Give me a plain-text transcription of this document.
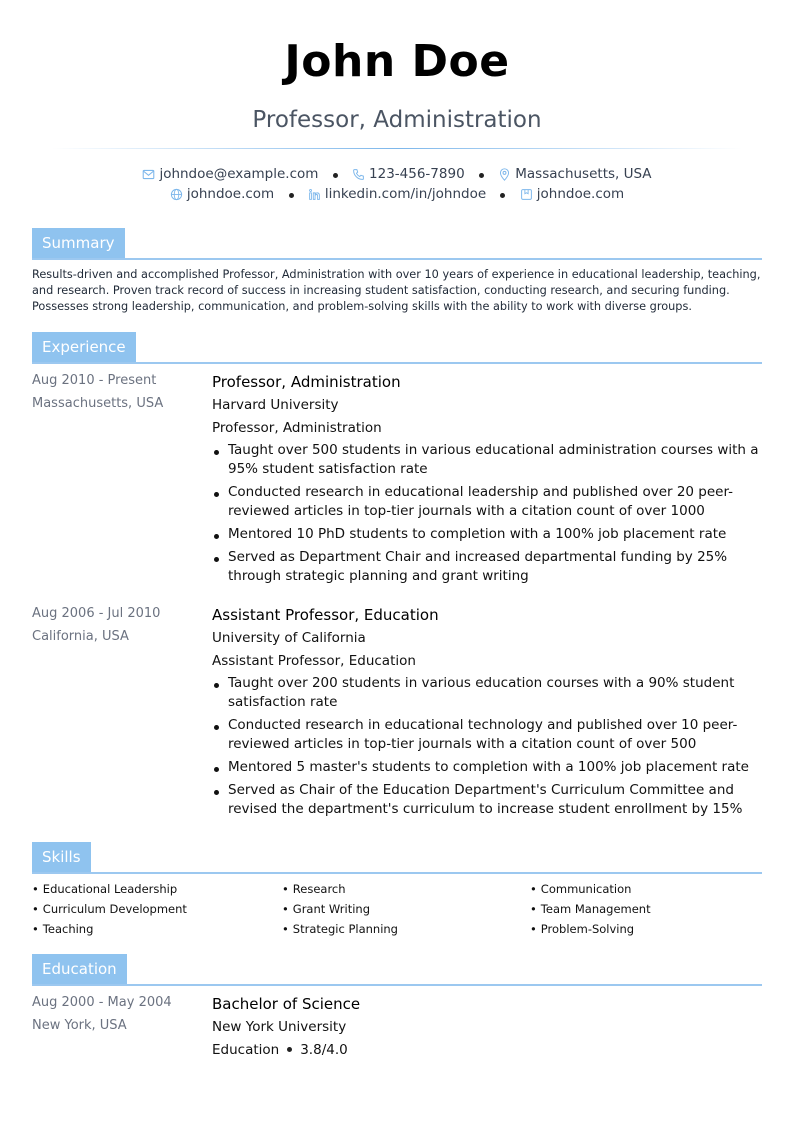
John Doe
Professor, Administration
johndoe@example.com
	123-456-7890
	Massachusetts, USA
johndoe.com
	linkedin.com/in/johndoe
	johndoe.com
Summary
Results-driven and accomplished Professor, Administration with over 10 years of experience in educational leadership, teaching, and research. Proven track record of success in increasing student satisfaction, conducting research, and securing funding. Possesses strong leadership, communication, and problem-solving skills with the ability to work with diverse groups.
Experience
Aug 2010 - Present
Massachusetts, USA
Professor, Administration
Harvard University
Professor, Administration
Taught over 500 students in various educational administration courses with a 95% student satisfaction rate
Conducted research in educational leadership and published over 20 peer-reviewed articles in top-tier journals with a citation count of over 1000
Mentored 10 PhD students to completion with a 100% job placement rate
Served as Department Chair and increased departmental funding by 25% through strategic planning and grant writing
Aug 2006 - Jul 2010
California, USA
Assistant Professor, Education
University of California
Assistant Professor, Education
Taught over 200 students in various education courses with a 90% student satisfaction rate
Conducted research in educational technology and published over 10 peer-reviewed articles in top-tier journals with a citation count of over 500
Mentored 5 master's students to completion with a 100% job placement rate
Served as Chair of the Education Department's Curriculum Committee and revised the department's curriculum to increase student enrollment by 15%
Skills
• Educational Leadership	• Research	• Communication
• Curriculum Development	• Grant Writing	• Team Management
• Teaching	• Strategic Planning	• Problem-Solving
Education
Aug 2000 - May 2004
New York, USA
Bachelor of Science
New York University
Education 3.8/4.0
